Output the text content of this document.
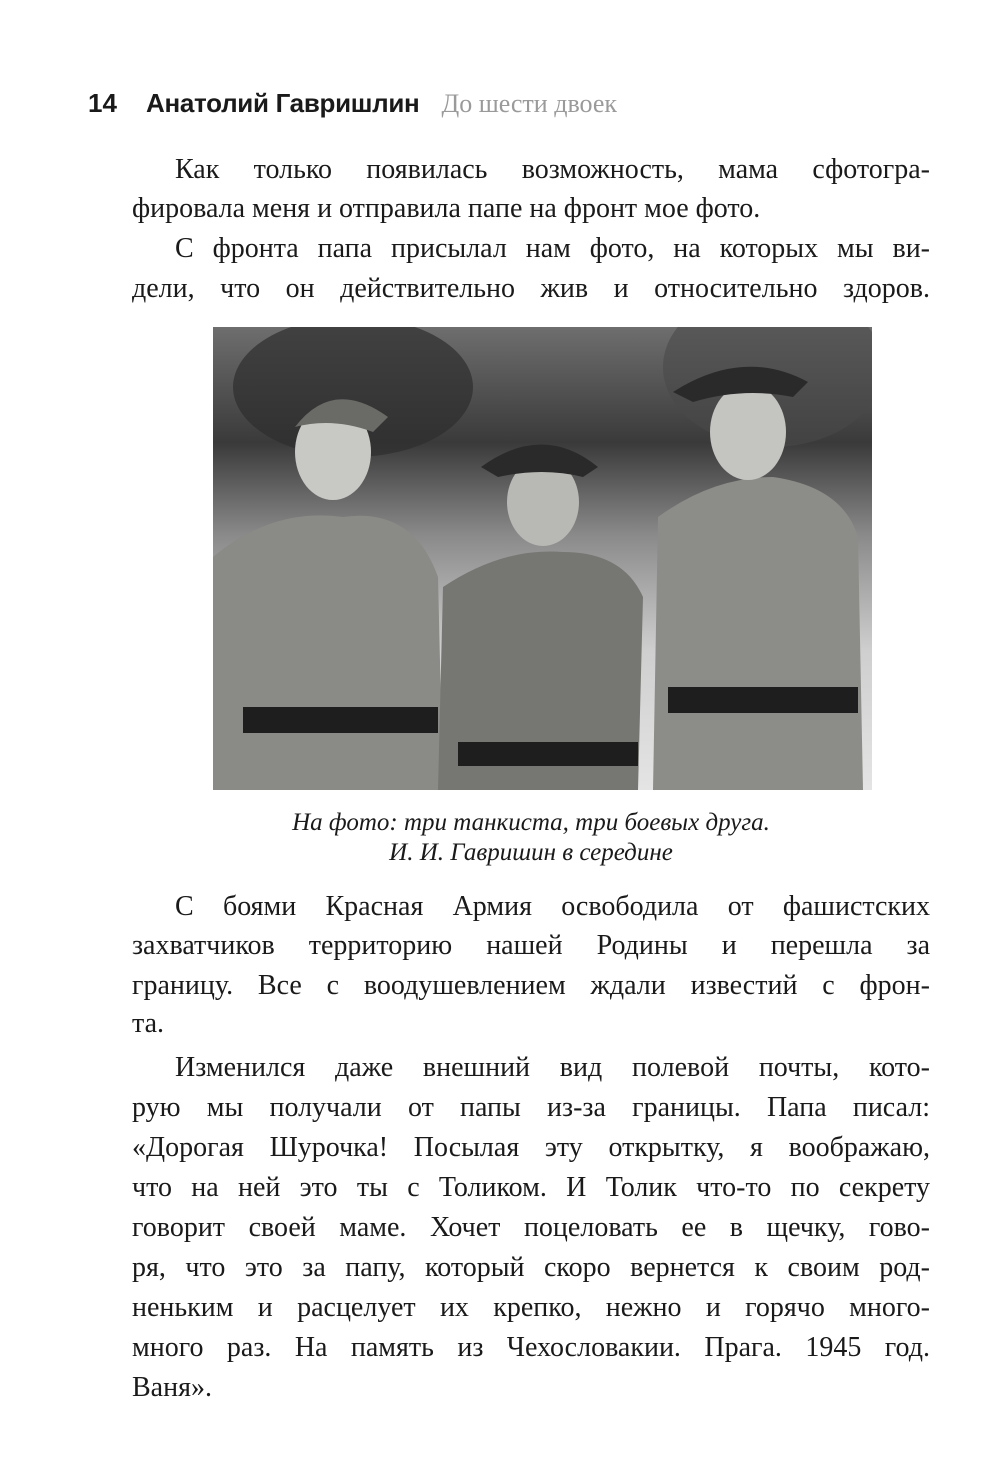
14	Анатолий Гавришлин До шести двоек
Как только появилась возможность, мама сфотогра-
фировала меня и отправила папе на фронт мое фото.
С фронта папа присылал нам фото, на которых мы ви-
дели, что он действительно жив и относительно здоров.
На фото: три танкиста, три боевых друга.
И. И. Гавришин в середине
С боями Красная Армия освободила от фашистских
захватчиков территорию нашей Родины и перешла за
границу. Все с воодушевлением ждали известий с фрон-
та.
Изменился даже внешний вид полевой почты, кото-
рую мы получали от папы из-за границы. Папа писал:
«Дорогая Шурочка! Посылая эту открытку, я воображаю,
что на ней это ты с Толиком. И Толик что-то по секрету
говорит своей маме. Хочет поцеловать ее в щечку, гово-
ря, что это за папу, который скоро вернется к своим род-
неньким и расцелует их крепко, нежно и горячо много-
много раз. На память из Чехословакии. Прага. 1945 год.
Ваня».
